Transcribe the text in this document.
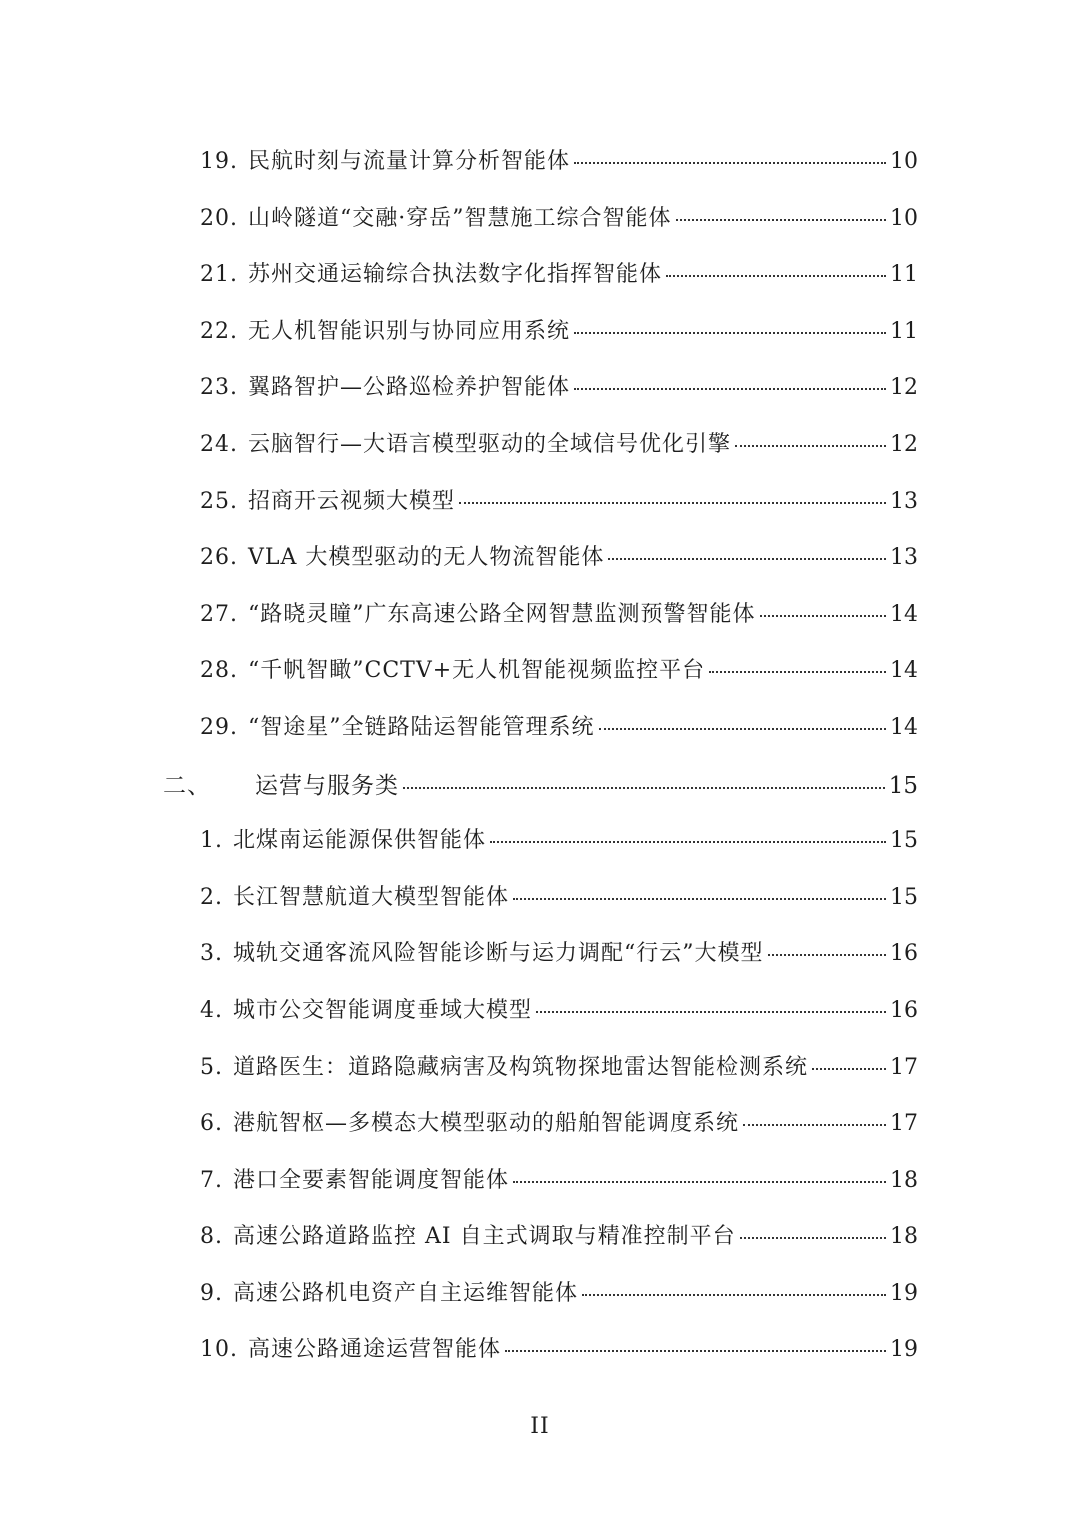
19. 民航时刻与流量计算分析智能体	10
20. 山岭隧道“交融·穿岳”智慧施工综合智能体	10
21. 苏州交通运输综合执法数字化指挥智能体	11
22. 无人机智能识别与协同应用系统	11
23. 翼路智护—公路巡检养护智能体	12
24. 云脑智行—大语言模型驱动的全域信号优化引擎	12
25. 招商开云视频大模型	13
26. VLA 大模型驱动的无人物流智能体	13
27. “路晓灵瞳”广东高速公路全网智慧监测预警智能体	14
28. “千帆智瞰”CCTV+无人机智能视频监控平台	14
29. “智途星”全链路陆运智能管理系统	14
二、 运营与服务类	15
1. 北煤南运能源保供智能体	15
2. 长江智慧航道大模型智能体	15
3. 城轨交通客流风险智能诊断与运力调配“行云”大模型	16
4. 城市公交智能调度垂域大模型	16
5. 道路医生：道路隐藏病害及构筑物探地雷达智能检测系统	17
6. 港航智枢—多模态大模型驱动的船舶智能调度系统	17
7. 港口全要素智能调度智能体	18
8. 高速公路道路监控 AI 自主式调取与精准控制平台	18
9. 高速公路机电资产自主运维智能体	19
10. 高速公路通途运营智能体	19
II
